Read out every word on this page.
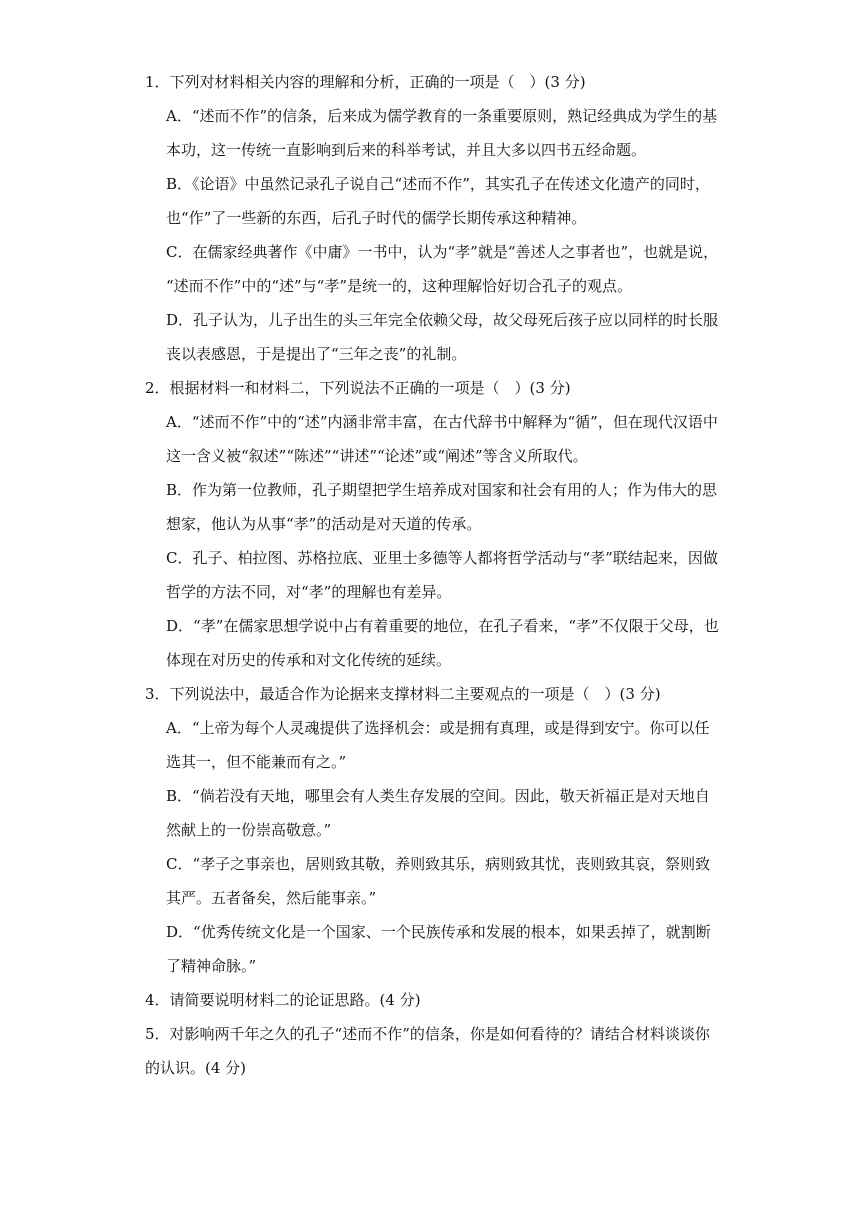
1．下列对材料相关内容的理解和分析，正确的一项是（　）(3 分)
A．“述而不作”的信条，后来成为儒学教育的一条重要原则，熟记经典成为学生的基
本功，这一传统一直影响到后来的科举考试，并且大多以四书五经命题。
B．《论语》中虽然记录孔子说自己“述而不作”，其实孔子在传述文化遗产的同时，
也“作”了一些新的东西，后孔子时代的儒学长期传承这种精神。
C．在儒家经典著作《中庸》一书中，认为“孝”就是“善述人之事者也”，也就是说，
“述而不作”中的“述”与“孝”是统一的，这种理解恰好切合孔子的观点。
D．孔子认为，儿子出生的头三年完全依赖父母，故父母死后孩子应以同样的时长服
丧以表感恩，于是提出了“三年之丧”的礼制。
2．根据材料一和材料二，下列说法不正确的一项是（　）(3 分)
A．“述而不作”中的“述”内涵非常丰富，在古代辞书中解释为“循”，但在现代汉语中
这一含义被“叙述”“陈述”“讲述”“论述”或“阐述”等含义所取代。
B．作为第一位教师，孔子期望把学生培养成对国家和社会有用的人；作为伟大的思
想家，他认为从事“孝”的活动是对天道的传承。
C．孔子、柏拉图、苏格拉底、亚里士多德等人都将哲学活动与“孝”联结起来，因做
哲学的方法不同，对“孝”的理解也有差异。
D．“孝”在儒家思想学说中占有着重要的地位，在孔子看来，“孝”不仅限于父母，也
体现在对历史的传承和对文化传统的延续。
3．下列说法中，最适合作为论据来支撑材料二主要观点的一项是（　）(3 分)
A．“上帝为每个人灵魂提供了选择机会：或是拥有真理，或是得到安宁。你可以任
选其一，但不能兼而有之。”
B．“倘若没有天地，哪里会有人类生存发展的空间。因此，敬天祈福正是对天地自
然献上的一份崇高敬意。”
C．“孝子之事亲也，居则致其敬，养则致其乐，病则致其忧，丧则致其哀，祭则致
其严。五者备矣，然后能事亲。”
D．“优秀传统文化是一个国家、一个民族传承和发展的根本，如果丢掉了，就割断
了精神命脉。”
4．请简要说明材料二的论证思路。(4 分)
5．对影响两千年之久的孔子“述而不作”的信条，你是如何看待的？请结合材料谈谈你
的认识。(4 分)
